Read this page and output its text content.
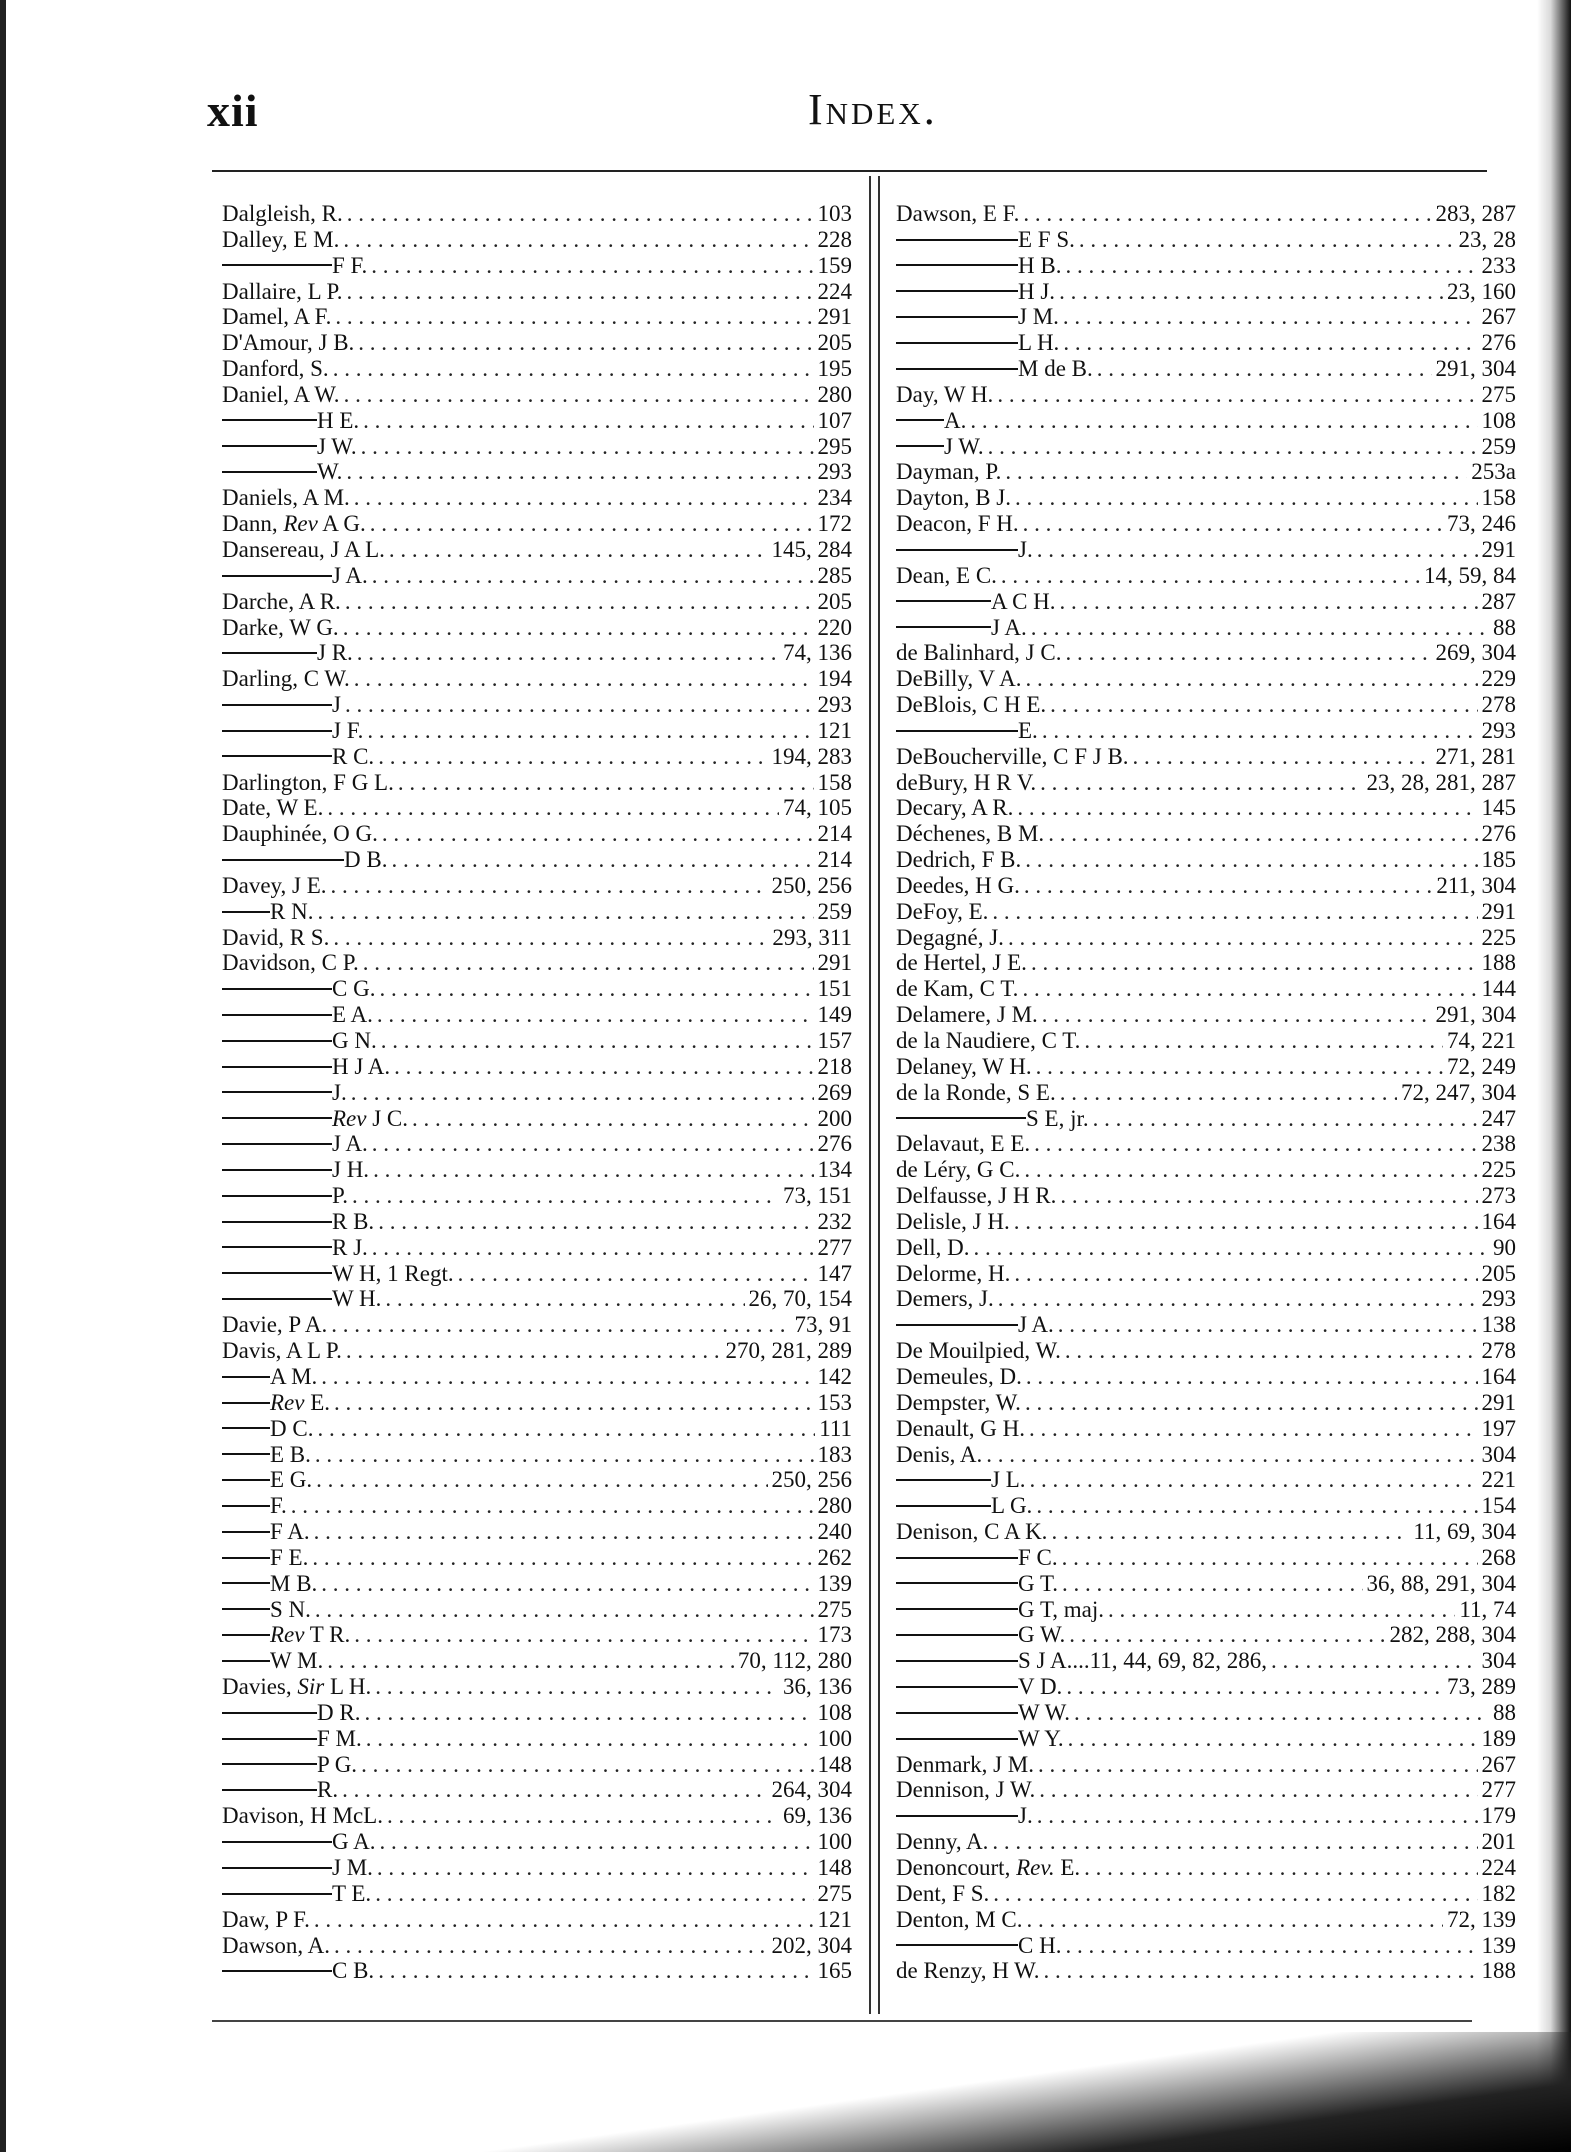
xii	Index.
Dalgleish, R. . . .	103
Dalley, E M. . . .	228
F F. . . .	159
Dallaire, L P. . . .	224
Damel, A F. . . .	291
D'Amour, J B. . . .	205
Danford, S. . . .	195
Daniel, A W. . . .	280
H E. . . .	107
J W. . . .	295
W. . . .	293
Daniels, A M. . . .	234
Dann, Rev A G. . . .	172
Dansereau, J A L. . . .	145, 284
J A. . . .	285
Darche, A R. . . .	205
Darke, W G. . . .	220
J R. . . .	74, 136
Darling, C W. . . .	194
J . . .	293
J F. . . .	121
R C. . . .	194, 283
Darlington, F G L. . . .	158
Date, W E. . . .	74, 105
Dauphinée, O G. . . .	214
D B. . . .	214
Davey, J E. . . .	250, 256
R N. . . .	259
David, R S. . . .	293, 311
Davidson, C P. . . .	291
C G. . . .	151
E A. . . .	149
G N. . . .	157
H J A. . . .	218
J. . . .	269
Rev J C. . . .	200
J A. . . .	276
J H. . . .	134
P. . . .	73, 151
R B. . . .	232
R J. . . .	277
W H, 1 Regt. . . .	147
W H. . . .	26, 70, 154
Davie, P A. . . .	73, 91
Davis, A L P. . . .	270, 281, 289
A M. . . .	142
Rev E. . . .	153
D C. . . .	111
E B. . . .	183
E G. . . .	250, 256
F. . . .	280
F A. . . .	240
F E. . . .	262
M B. . . .	139
S N. . . .	275
Rev T R. . . .	173
W M. . . .	70, 112, 280
Davies, Sir L H. . . .	36, 136
D R. . . .	108
F M. . . .	100
P G. . . .	148
R. . . .	264, 304
Davison, H McL. . . .	69, 136
G A. . . .	100
J M. . . .	148
T E. . . .	275
Daw, P F. . . .	121
Dawson, A. . . .	202, 304
C B. . . .	165
Dawson, E F. . . .	283, 287
E F S. . . .	23, 28
H B. . . .	233
H J. . . .	23, 160
J M. . . .	267
L H. . . .	276
M de B. . . .	291, 304
Day, W H. . . .	275
A. . . .	108
J W. . . .	259
Dayman, P. . . .	253a
Dayton, B J. . . .	158
Deacon, F H. . . .	73, 246
J. . . .	291
Dean, E C. . . .	14, 59, 84
A C H. . . .	287
J A. . . .	88
de Balinhard, J C. . . .	269, 304
DeBilly, V A. . . .	229
DeBlois, C H E. . . .	278
E. . . .	293
DeBoucherville, C F J B. . . .	271, 281
deBury, H R V. . . .	23, 28, 281, 287
Decary, A R. . . .	145
Déchenes, B M. . . .	276
Dedrich, F B. . . .	185
Deedes, H G. . . .	211, 304
DeFoy, E. . . .	291
Degagné, J. . . .	225
de Hertel, J E. . . .	188
de Kam, C T. . . .	144
Delamere, J M. . . .	291, 304
de la Naudiere, C T. . . .	74, 221
Delaney, W H. . . .	72, 249
de la Ronde, S E. . . .	72, 247, 304
S E, jr. . . .	247
Delavaut, E E. . . .	238
de Léry, G C. . . .	225
Delfausse, J H R. . . .	273
Delisle, J H. . . .	164
Dell, D. . . .	90
Delorme, H. . . .	205
Demers, J. . . .	293
J A. . . .	138
De Mouilpied, W. . . .	278
Demeules, D. . . .	164
Dempster, W. . . .	291
Denault, G H. . . .	197
Denis, A. . . .	304
J L. . . .	221
L G. . . .	154
Denison, C A K. . . .	11, 69, 304
F C. . . .	268
G T. . . .	36, 88, 291, 304
G T, maj. . . .	11, 74
G W. . . .	282, 288, 304
S J A....11, 44, 69, 82, 286, . . .	304
V D. . . .	73, 289
W W. . . .	88
W Y. . . .	189
Denmark, J M. . . .	267
Dennison, J W. . . .	277
J. . . .	179
Denny, A. . . .	201
Denoncourt, Rev. E. . . .	224
Dent, F S. . . .	182
Denton, M C. . . .	72, 139
C H. . . .	139
de Renzy, H W. . . .	188
